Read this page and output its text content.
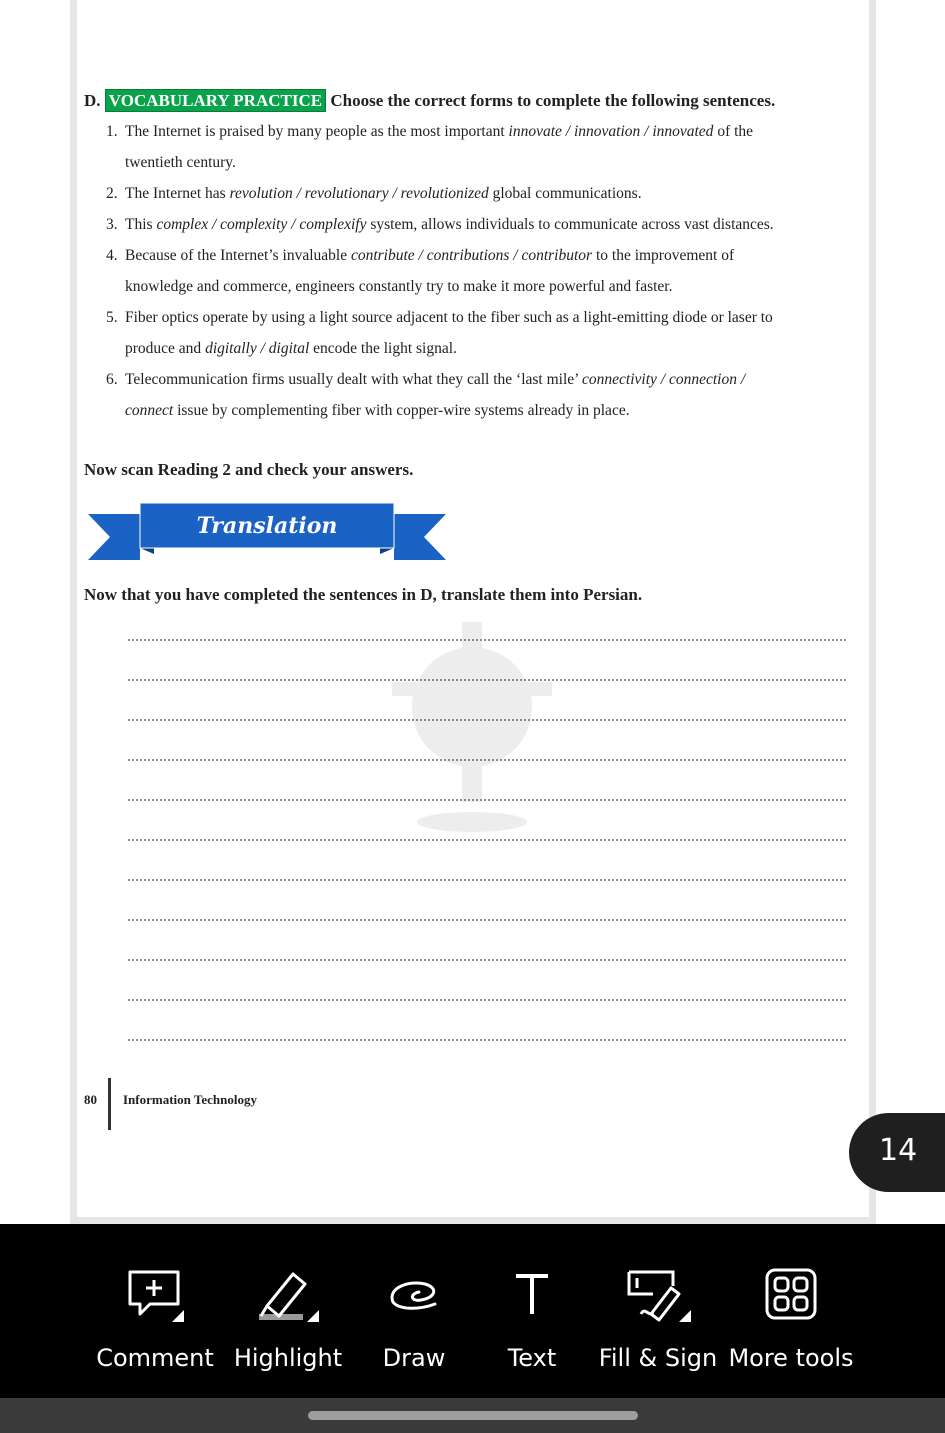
D. VOCABULARY PRACTICE Choose the correct forms to complete the following sentences.
1. The Internet is praised by many people as the most important innovate / innovation / innovated of the
twentieth century.
2. The Internet has revolution / revolutionary / revolutionized global communications.
3. This complex / complexity / complexify system, allows individuals to communicate across vast distances.
4. Because of the Internet’s invaluable contribute / contributions / contributor to the improvement of
knowledge and commerce, engineers constantly try to make it more powerful and faster.
5. Fiber optics operate by using a light source adjacent to the fiber such as a light-emitting diode or laser to
produce and digitally / digital encode the light signal.
6. Telecommunication firms usually dealt with what they call the ‘last mile’ connectivity / connection /
connect issue by complementing fiber with copper-wire systems already in place.
Now scan Reading 2 and check your answers.
Translation
Now that you have completed the sentences in D, translate them into Persian.
80 Information Technology
14
Comment Highlight	Draw	Text	Fill & Sign More tools
